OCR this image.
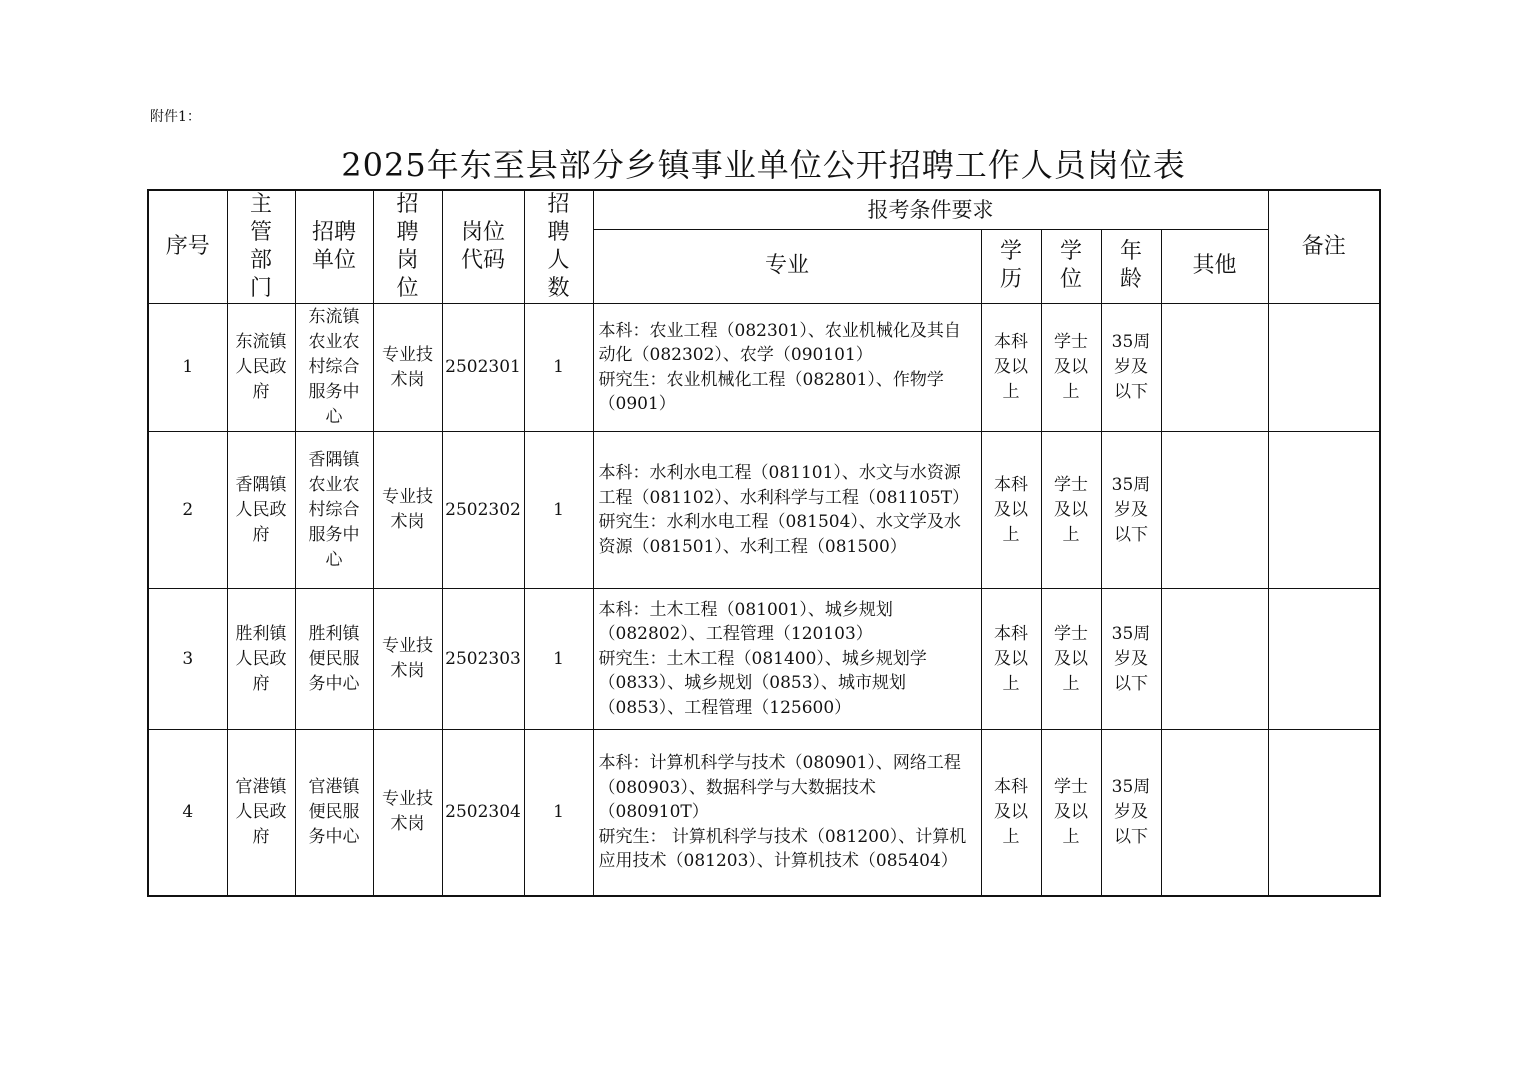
附件1：
2025年东至县部分乡镇事业单位公开招聘工作人员岗位表
序号	主管部门	招聘单位	招聘岗位	岗位代码	招聘人数	报考条件要求					备注
						专业	学历	学位	年龄	其他	
1	东流镇人民政府	东流镇农业农村综合服务中心	专业技术岗	2502301	1	本科：农业工程（082301）、农业机械化及其自动化（082302）、农学（090101）
研究生：农业机械化工程（082801）、作物学（0901）	本科及以上	学士及以上	35周岁及以下		
2	香隅镇人民政府	香隅镇农业农村综合服务中心	专业技术岗	2502302	1	本科：水利水电工程（081101）、水文与水资源工程（081102）、水利科学与工程（081105T）
研究生：水利水电工程（081504）、水文学及水资源（081501）、水利工程（081500）	本科及以上	学士及以上	35周岁及以下		
3	胜利镇人民政府	胜利镇便民服务中心	专业技术岗	2502303	1	本科：土木工程（081001）、城乡规划（082802）、工程管理（120103）
研究生：土木工程（081400）、城乡规划学（0833）、城乡规划（0853）、城市规划（0853）、工程管理（125600）	本科及以上	学士及以上	35周岁及以下		
4	官港镇人民政府	官港镇便民服务中心	专业技术岗	2502304	1	本科：计算机科学与技术（080901）、网络工程（080903）、数据科学与大数据技术（080910T）
研究生： 计算机科学与技术（081200）、计算机应用技术（081203）、计算机技术（085404）	本科及以上	学士及以上	35周岁及以下		
